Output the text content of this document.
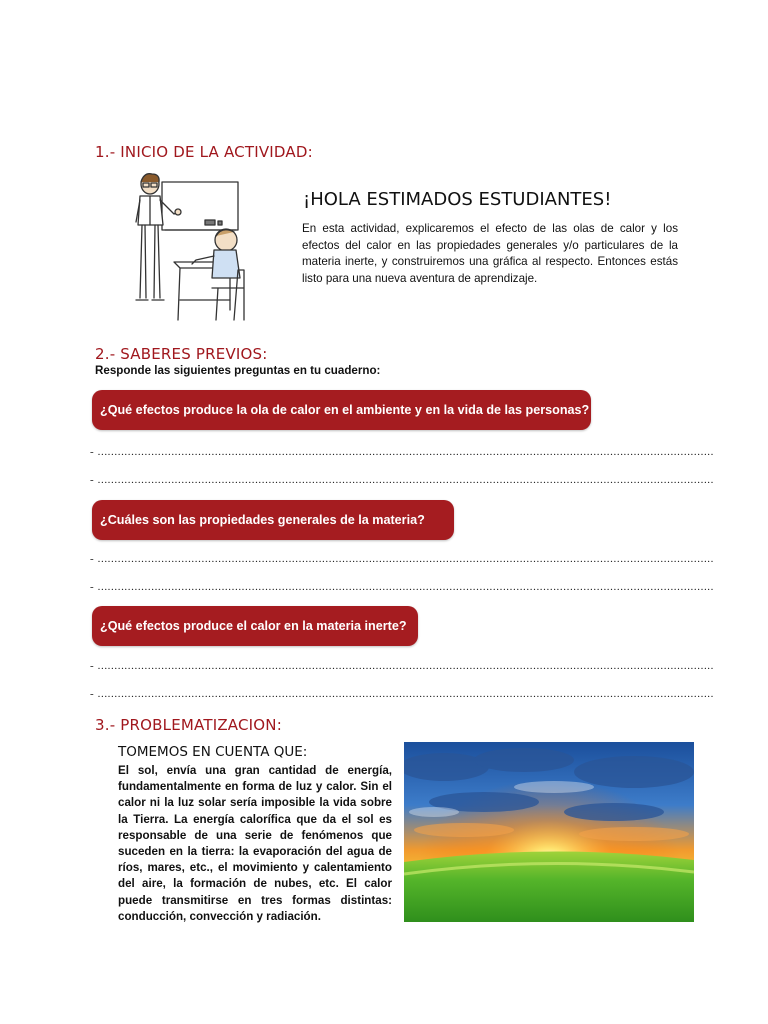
1.- INICIO DE LA ACTIVIDAD:
¡HOLA ESTIMADOS ESTUDIANTES!
En esta actividad, explicaremos el efecto de las olas de calor y los efectos del calor en las propiedades generales y/o particulares de la materia inerte, y construiremos una gráfica al respecto. Entonces estás listo para una nueva aventura de aprendizaje.
2.- SABERES PREVIOS:
Responde las siguientes preguntas en tu cuaderno:
¿Qué efectos produce la ola de calor en el ambiente y en la vida de las personas?
- ........................................................................................................................................................................................
- ........................................................................................................................................................................................
¿Cuáles son las propiedades generales de la materia?
- ........................................................................................................................................................................................
- ........................................................................................................................................................................................
¿Qué efectos produce el calor en la materia inerte?
- ........................................................................................................................................................................................
- ........................................................................................................................................................................................
3.- PROBLEMATIZACION:
TOMEMOS EN CUENTA QUE:
El sol, envía una gran cantidad de energía, fundamentalmente en forma de luz y calor. Sin el calor ni la luz solar sería imposible la vida sobre la Tierra. La energía calorífica que da el sol es responsable de una serie de fenómenos que suceden en la tierra: la evaporación del agua de ríos, mares, etc., el movimiento y calentamiento del aire, la formación de nubes, etc. El calor puede transmitirse en tres formas distintas: conducción, convección y radiación.
